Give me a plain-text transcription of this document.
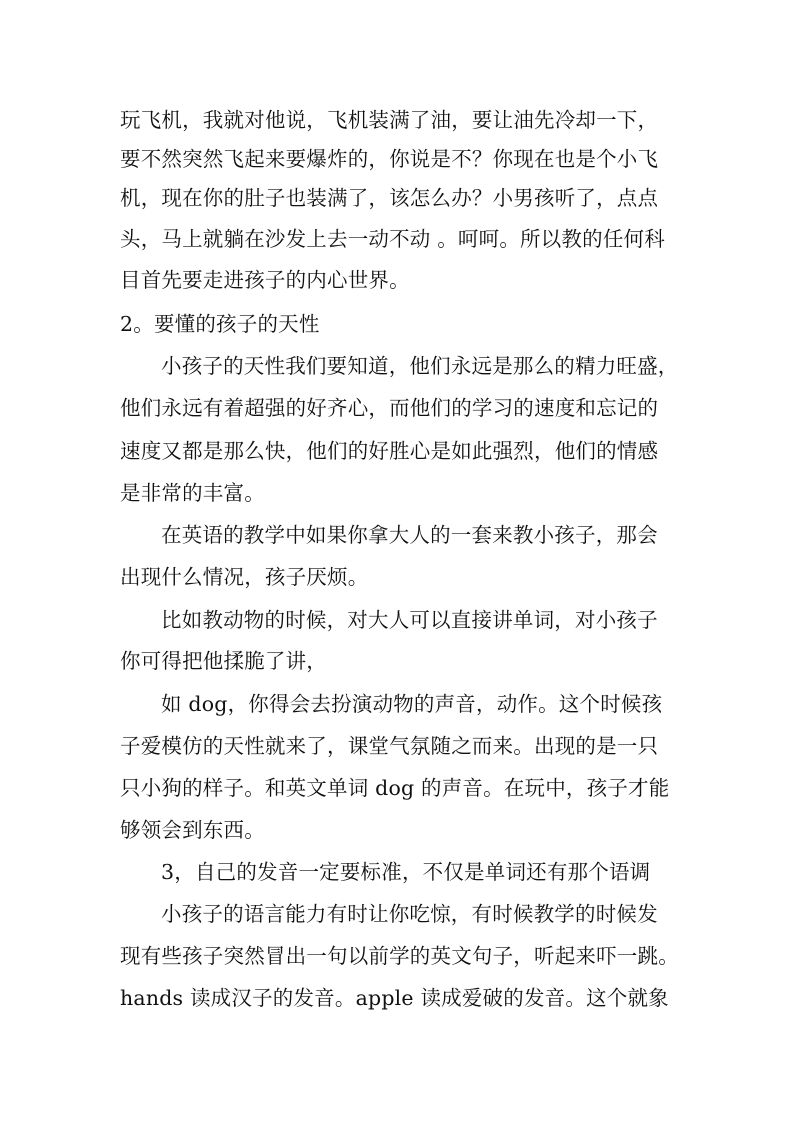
玩飞机，我就对他说，飞机装满了油，要让油先冷却一下，
要不然突然飞起来要爆炸的，你说是不？你现在也是个小飞
机，现在你的肚子也装满了，该怎么办？小男孩听了，点点
头，马上就躺在沙发上去一动不动 。呵呵。所以教的任何科
目首先要走进孩子的内心世界。
2。要懂的孩子的天性
小孩子的天性我们要知道，他们永远是那么的精力旺盛，
他们永远有着超强的好齐心，而他们的学习的速度和忘记的
速度又都是那么快，他们的好胜心是如此强烈，他们的情感
是非常的丰富。
在英语的教学中如果你拿大人的一套来教小孩子，那会
出现什么情况，孩子厌烦。
比如教动物的时候，对大人可以直接讲单词，对小孩子
你可得把他揉脆了讲，
如 dog，你得会去扮演动物的声音，动作。这个时候孩
子爱模仿的天性就来了，课堂气氛随之而来。出现的是一只
只小狗的样子。和英文单词 dog 的声音。在玩中，孩子才能
够领会到东西。
3，自己的发音一定要标准，不仅是单词还有那个语调
小孩子的语言能力有时让你吃惊，有时候教学的时候发
现有些孩子突然冒出一句以前学的英文句子，听起来吓一跳。
hands 读成汉子的发音。apple 读成爱破的发音。这个就象
